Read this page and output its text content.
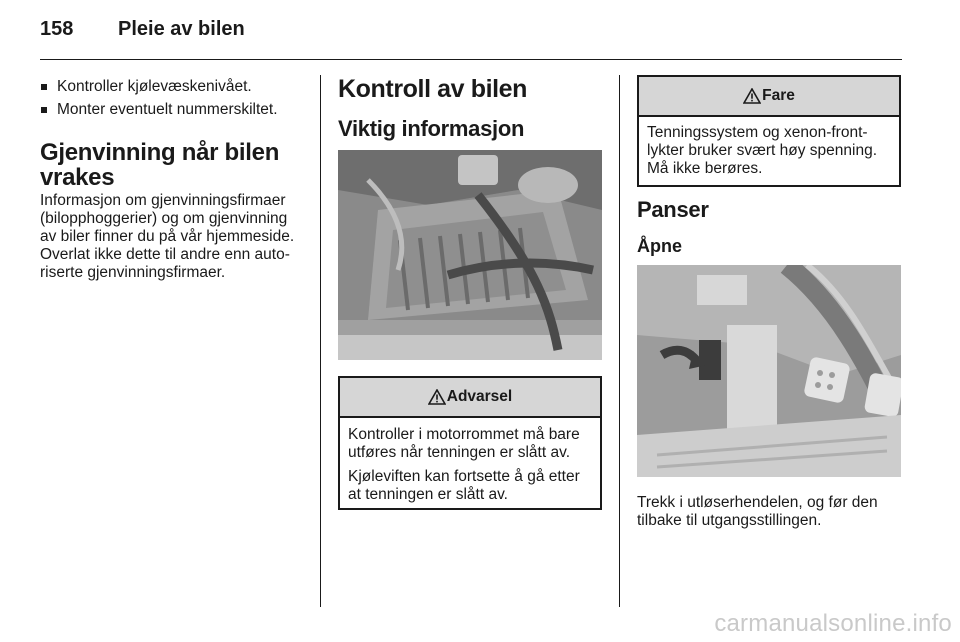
158 Pleie av bilen
Kontroller kjølevæskenivået.
Monter eventuelt nummerskiltet.
Gjenvinning når bilen
vrakes
Informasjon om gjenvinningsfirmaer
(bilopphoggerier) og om gjenvinning
av biler finner du på vår hjemmeside.
Overlat ikke dette til andre enn auto-
riserte gjenvinningsfirmaer.
Kontroll av bilen
Viktig informasjon
Advarsel

Kontroller i motorrommet må bare
utføres når tenningen er slått av.

Kjøleviften kan fortsette å gå etter
at tenningen er slått av.

Fare
Tenningssystem og xenon-front-
lykter bruker svært høy spenning.
Må ikke berøres.
Panser
Åpne
Trekk i utløserhendelen, og før den
tilbake til utgangsstillingen.
carmanualsonline.info
